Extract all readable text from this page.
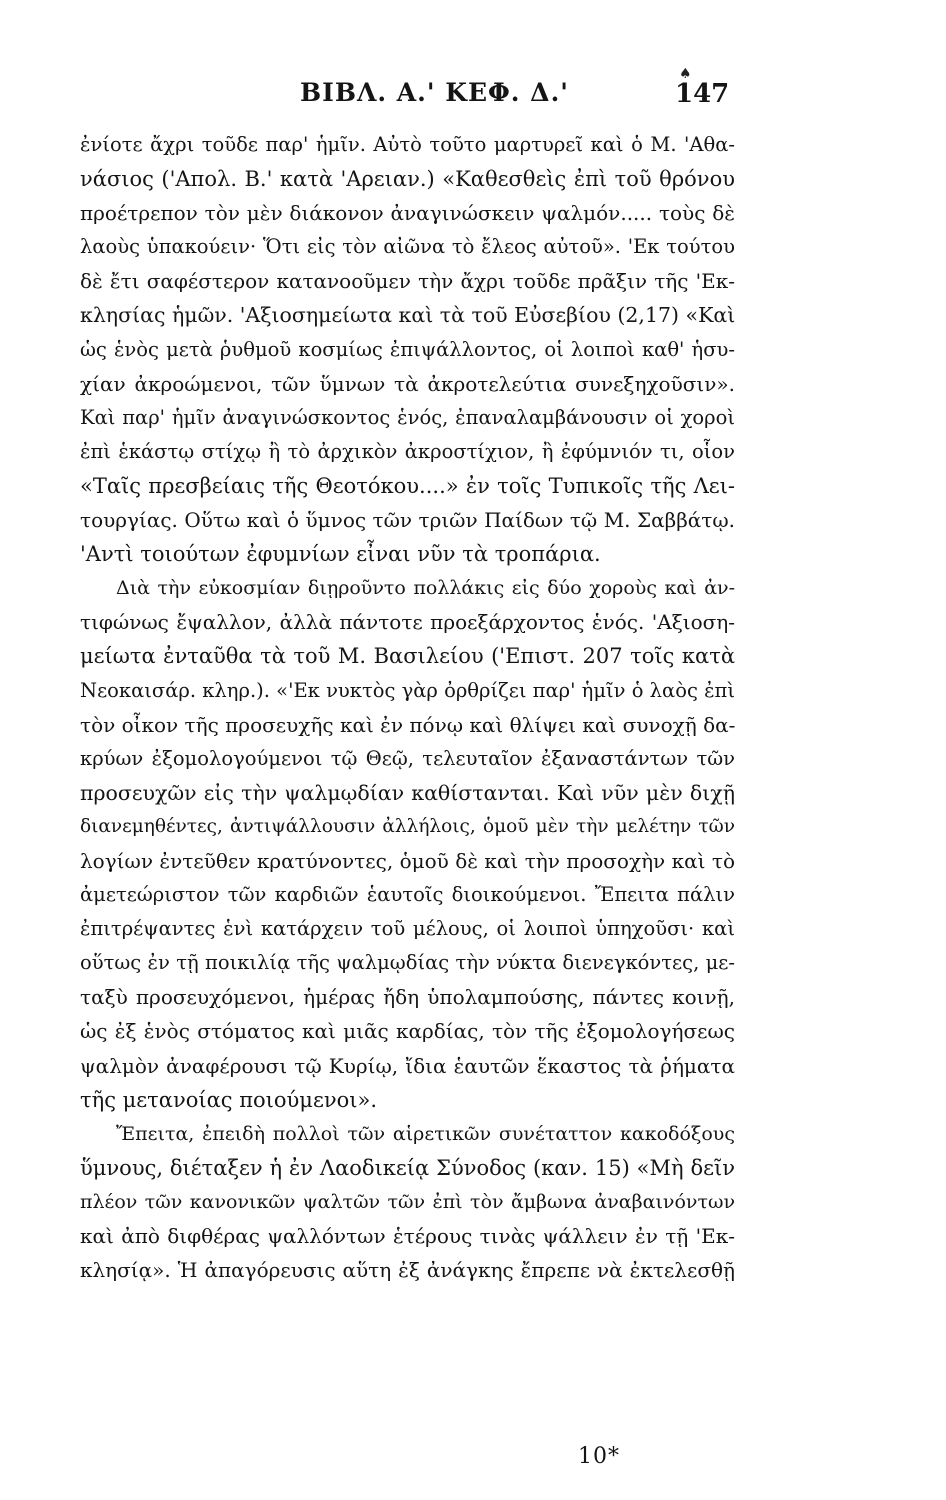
ΒΙΒΛ. Α.' ΚΕΦ. Δ.'
♠
147
ἐνίοτε ἄχρι τοῦδε παρ' ἡμῖν. Αὐτὸ τοῦτο μαρτυρεῖ καὶ ὁ Μ. 'Αθα-
νάσιος ('Απολ. Β.' κατὰ 'Αρειαν.) «Καθεσθεὶς ἐπὶ τοῦ θρόνου
προέτρεπον τὸν μὲν διάκονον ἀναγινώσκειν ψαλμόν..... τοὺς δὲ
λαοὺς ὑπακούειν· Ὅτι εἰς τὸν αἰῶνα τὸ ἔλεος αὐτοῦ». 'Εκ τούτου
δὲ ἔτι σαφέστερον κατανοοῦμεν τὴν ἄχρι τοῦδε πρᾶξιν τῆς 'Εκ-
κλησίας ἡμῶν. 'Αξιοσημείωτα καὶ τὰ τοῦ Εὐσεβίου (2,17) «Καὶ
ὡς ἑνὸς μετὰ ῥυθμοῦ κοσμίως ἐπιψάλλοντος, οἱ λοιποὶ καθ' ἡσυ-
χίαν ἀκροώμενοι, τῶν ὕμνων τὰ ἀκροτελεύτια συνεξηχοῦσιν».
Καὶ παρ' ἡμῖν ἀναγινώσκοντος ἑνός, ἐπαναλαμβάνουσιν οἱ χοροὶ
ἐπὶ ἑκάστῳ στίχῳ ἢ τὸ ἀρχικὸν ἀκροστίχιον, ἢ ἐφύμνιόν τι, οἷον
«Ταῖς πρεσβείαις τῆς Θεοτόκου....» ἐν τοῖς Τυπικοῖς τῆς Λει-
τουργίας. Οὕτω καὶ ὁ ὕμνος τῶν τριῶν Παίδων τῷ Μ. Σαββάτῳ.
'Αντὶ τοιούτων ἐφυμνίων εἶναι νῦν τὰ τροπάρια.
Διὰ τὴν εὐκοσμίαν διῃροῦντο πολλάκις εἰς δύο χοροὺς καὶ ἀν-
τιφώνως ἔψαλλον, ἀλλὰ πάντοτε προεξάρχοντος ἑνός. 'Αξιοση-
μείωτα ἐνταῦθα τὰ τοῦ Μ. Βασιλείου ('Επιστ. 207 τοῖς κατὰ
Νεοκαισάρ. κληρ.). «'Εκ νυκτὸς γὰρ ὀρθρίζει παρ' ἡμῖν ὁ λαὸς ἐπὶ
τὸν οἶκον τῆς προσευχῆς καὶ ἐν πόνῳ καὶ θλίψει καὶ συνοχῇ δα-
κρύων ἐξομολογούμενοι τῷ Θεῷ, τελευταῖον ἐξαναστάντων τῶν
προσευχῶν εἰς τὴν ψαλμῳδίαν καθίστανται. Καὶ νῦν μὲν διχῇ
διανεμηθέντες, ἀντιψάλλουσιν ἀλλήλοις, ὁμοῦ μὲν τὴν μελέτην τῶν
λογίων ἐντεῦθεν κρατύνοντες, ὁμοῦ δὲ καὶ τὴν προσοχὴν καὶ τὸ
ἀμετεώριστον τῶν καρδιῶν ἑαυτοῖς διοικούμενοι. Ἔπειτα πάλιν
ἐπιτρέψαντες ἑνὶ κατάρχειν τοῦ μέλους, οἱ λοιποὶ ὑπηχοῦσι· καὶ
οὕτως ἐν τῇ ποικιλίᾳ τῆς ψαλμῳδίας τὴν νύκτα διενεγκόντες, με-
ταξὺ προσευχόμενοι, ἡμέρας ἤδη ὑπολαμπούσης, πάντες κοινῇ,
ὡς ἐξ ἑνὸς στόματος καὶ μιᾶς καρδίας, τὸν τῆς ἐξομολογήσεως
ψαλμὸν ἀναφέρουσι τῷ Κυρίῳ, ἴδια ἑαυτῶν ἕκαστος τὰ ῥήματα
τῆς μετανοίας ποιούμενοι».
Ἔπειτα, ἐπειδὴ πολλοὶ τῶν αἱρετικῶν συνέταττον κακοδόξους
ὕμνους, διέταξεν ἡ ἐν Λαοδικείᾳ Σύνοδος (καν. 15) «Μὴ δεῖν
πλέον τῶν κανονικῶν ψαλτῶν τῶν ἐπὶ τὸν ἄμβωνα ἀναβαινόντων
καὶ ἀπὸ διφθέρας ψαλλόντων ἑτέρους τινὰς ψάλλειν ἐν τῇ 'Εκ-
κλησίᾳ». Ἡ ἀπαγόρευσις αὕτη ἐξ ἀνάγκης ἔπρεπε νὰ ἐκτελεσθῇ
10*
